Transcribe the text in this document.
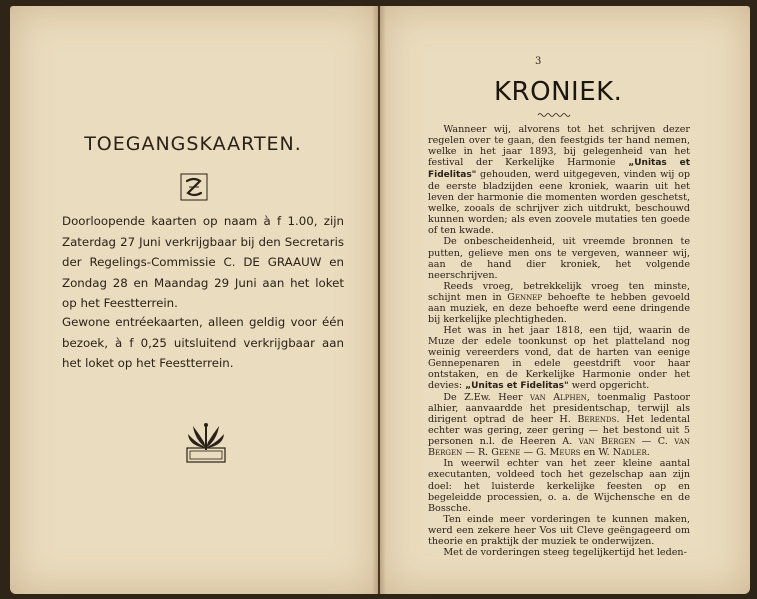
TOEGANGSKAARTEN.
Doorloopende kaarten op naam à f 1.00, zijn Zaterdag 27 Juni verkrijgbaar bij den Secretaris der Regelings-Commissie C. DE GRAAUW en Zondag 28 en Maandag 29 Juni aan het loket op het Feestterrein.
Gewone entréekaarten, alleen geldig voor één bezoek, à f 0,25 uitsluitend verkrijgbaar aan het loket op het Feestterrein.
3
KRONIEK.

Wanneer wij, alvorens tot het schrijven dezer regelen over te gaan, den feestgids ter hand nemen, welke in het jaar 1893, bij gelegenheid van het festival der Kerkelijke Harmonie „Unitas et Fidelitas" gehouden, werd uitgegeven, vinden wij op de eerste bladzijden eene kroniek, waarin uit het leven der harmonie die momenten worden geschetst, welke, zooals de schrijver zich uitdrukt, beschouwd kunnen worden; als even zoovele mutaties ten goede of ten kwade.

De onbescheidenheid, uit vreemde bronnen te putten, gelieve men ons te vergeven, wanneer wij, aan de hand dier kroniek, het volgende neerschrijven.

Reeds vroeg, betrekkelijk vroeg ten minste, schijnt men in Gennep behoefte te hebben gevoeld aan muziek, en deze behoefte werd eene dringende bij kerkelijke plechtigheden.

Het was in het jaar 1818, een tijd, waarin de Muze der edele toonkunst op het platteland nog weinig vereerders vond, dat de harten van eenige Gennepenaren in edele geestdrift voor haar ontstaken, en de Kerkelijke Harmonie onder het devies: „Unitas et Fidelitas" werd opgericht.

De Z.Ew. Heer van Alphen, toenmalig Pastoor alhier, aanvaardde het presidentschap, terwijl als dirigent optrad de heer H. Berends. Het ledental echter was gering, zeer gering — het bestond uit 5 personen n.l. de Heeren A. van Bergen — C. van Bergen — R. Geene — G. Meurs en W. Nadler.

In weerwil echter van het zeer kleine aantal executanten, voldeed toch het gezelschap aan zijn doel: het luisterde kerkelijke feesten op en begeleidde processien, o. a. de Wijchensche en de Bossche.

Ten einde meer vorderingen te kunnen maken, werd een zekere heer Vos uit Cleve geëngageerd om theorie en praktijk der muziek te onderwijzen.

Met de vorderingen steeg tegelijkertijd het leden-
